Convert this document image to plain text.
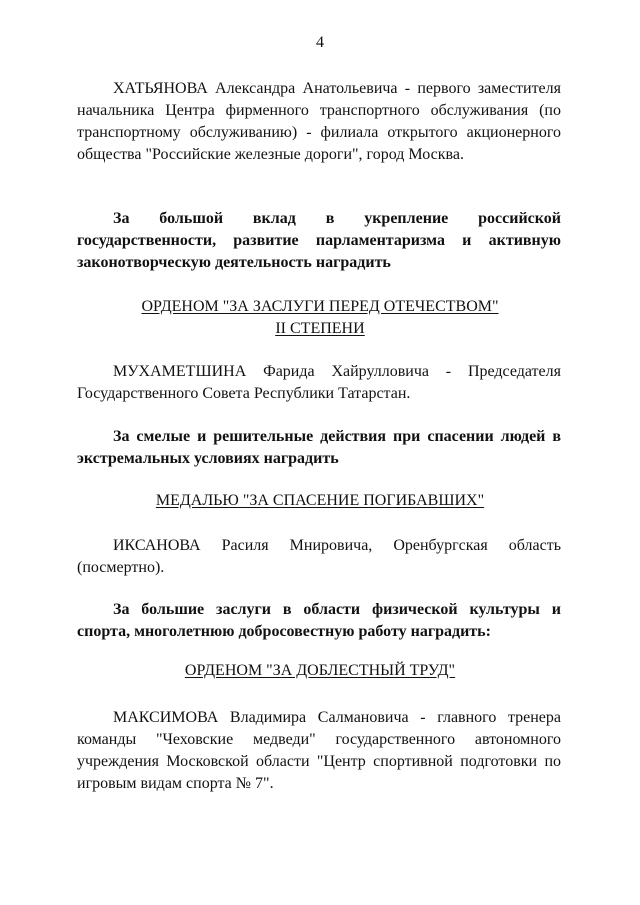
4

ХАТЬЯНОВА Александра Анатольевича - первого заместителя начальника Центра фирменного транспортного обслуживания (по транспортному обслуживанию) - филиала открытого акционерного общества "Российские железные дороги", город Москва.

За большой вклад в укрепление российской государственности, развитие парламентаризма и активную законотворческую деятельность наградить

ОРДЕНОМ "ЗА ЗАСЛУГИ ПЕРЕД ОТЕЧЕСТВОМ"
II СТЕПЕНИ

МУХАМЕТШИНА Фарида Хайрулловича - Председателя Государственного Совета Республики Татарстан.

За смелые и решительные действия при спасении людей в экстремальных условиях наградить

МЕДАЛЬЮ "ЗА СПАСЕНИЕ ПОГИБАВШИХ"

ИКСАНОВА Расиля Мнировича, Оренбургская область (посмертно).

За большие заслуги в области физической культуры и спорта, многолетнюю добросовестную работу наградить:

ОРДЕНОМ "ЗА ДОБЛЕСТНЫЙ ТРУД"

МАКСИМОВА Владимира Салмановича - главного тренера команды "Чеховские медведи" государственного автономного учреждения Московской области "Центр спортивной подготовки по игровым видам спорта № 7".
